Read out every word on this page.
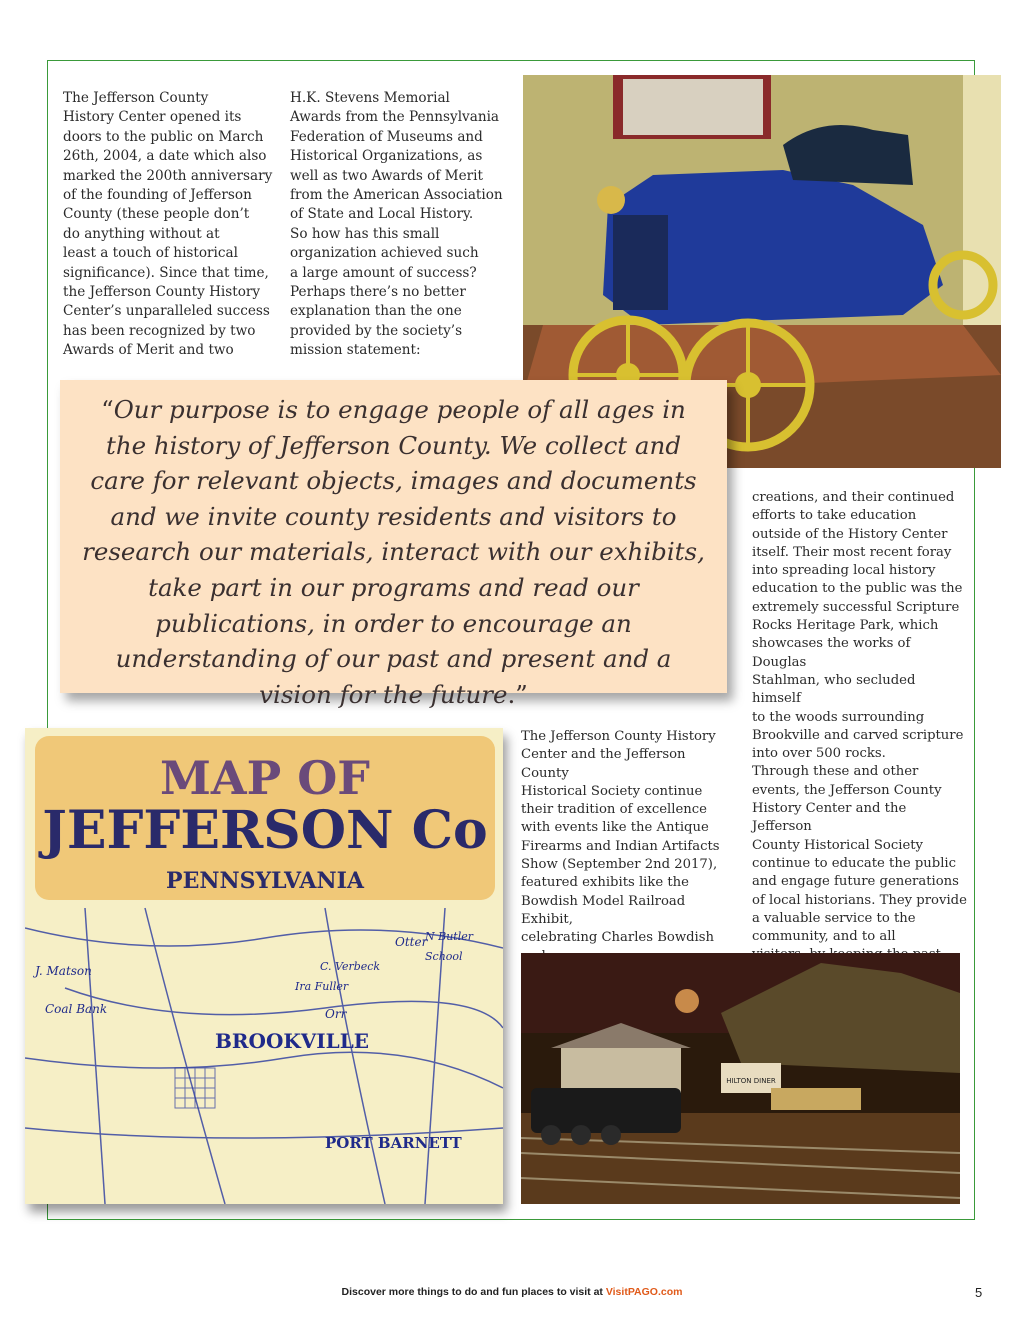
The Jefferson County
History Center opened its
doors to the public on March
26th, 2004, a date which also
marked the 200th anniversary
of the founding of Jefferson
County (these people don’t
do anything without at
least a touch of historical
significance). Since that time,
the Jefferson County History
Center’s unparalleled success
has been recognized by two
Awards of Merit and two
H.K. Stevens Memorial
Awards from the Pennsylvania
Federation of Museums and
Historical Organizations, as
well as two Awards of Merit
from the American Association
of State and Local History.
So how has this small
organization achieved such
a large amount of success?
Perhaps there’s no better
explanation than the one
provided by the society’s
mission statement:
“Our purpose is to engage people of all ages in the history of Jefferson County. We collect and care for relevant objects, images and documents and we invite county residents and visitors to research our materials, interact with our exhibits, take part in our programs and read our publications, in order to encourage an understanding of our past and present and a vision for the future.”
creations, and their continued
efforts to take education
outside of the History Center
itself. Their most recent foray
into spreading local history
education to the public was the
extremely successful Scripture
Rocks Heritage Park, which
showcases the works of Douglas
Stahlman, who secluded himself
to the woods surrounding
Brookville and carved scripture
into over 500 rocks.
Through these and other
events, the Jefferson County
History Center and the Jefferson
County Historical Society
continue to educate the public
and engage future generations
of local historians. They provide
a valuable service to the
community, and to all

The Jefferson County History
Center and the Jefferson County
Historical Society continue
their tradition of excellence
with events like the Antique
Firearms and Indian Artifacts
Show (September 2nd 2017),
featured exhibits like the
Bowdish Model Railroad Exhibit,
celebrating Charles Bowdish

MAP OF
JEFFERSON Co
PENNSYLVANIA
BROOKVILLE
PORT BARNETT
Coal Bank
Otter
N Butler
School
Ira Fuller
C. Verbeck
J. Matson
Orr
HILTON DINER
Discover more things to do and fun places to visit at VisitPAGO.com	5
